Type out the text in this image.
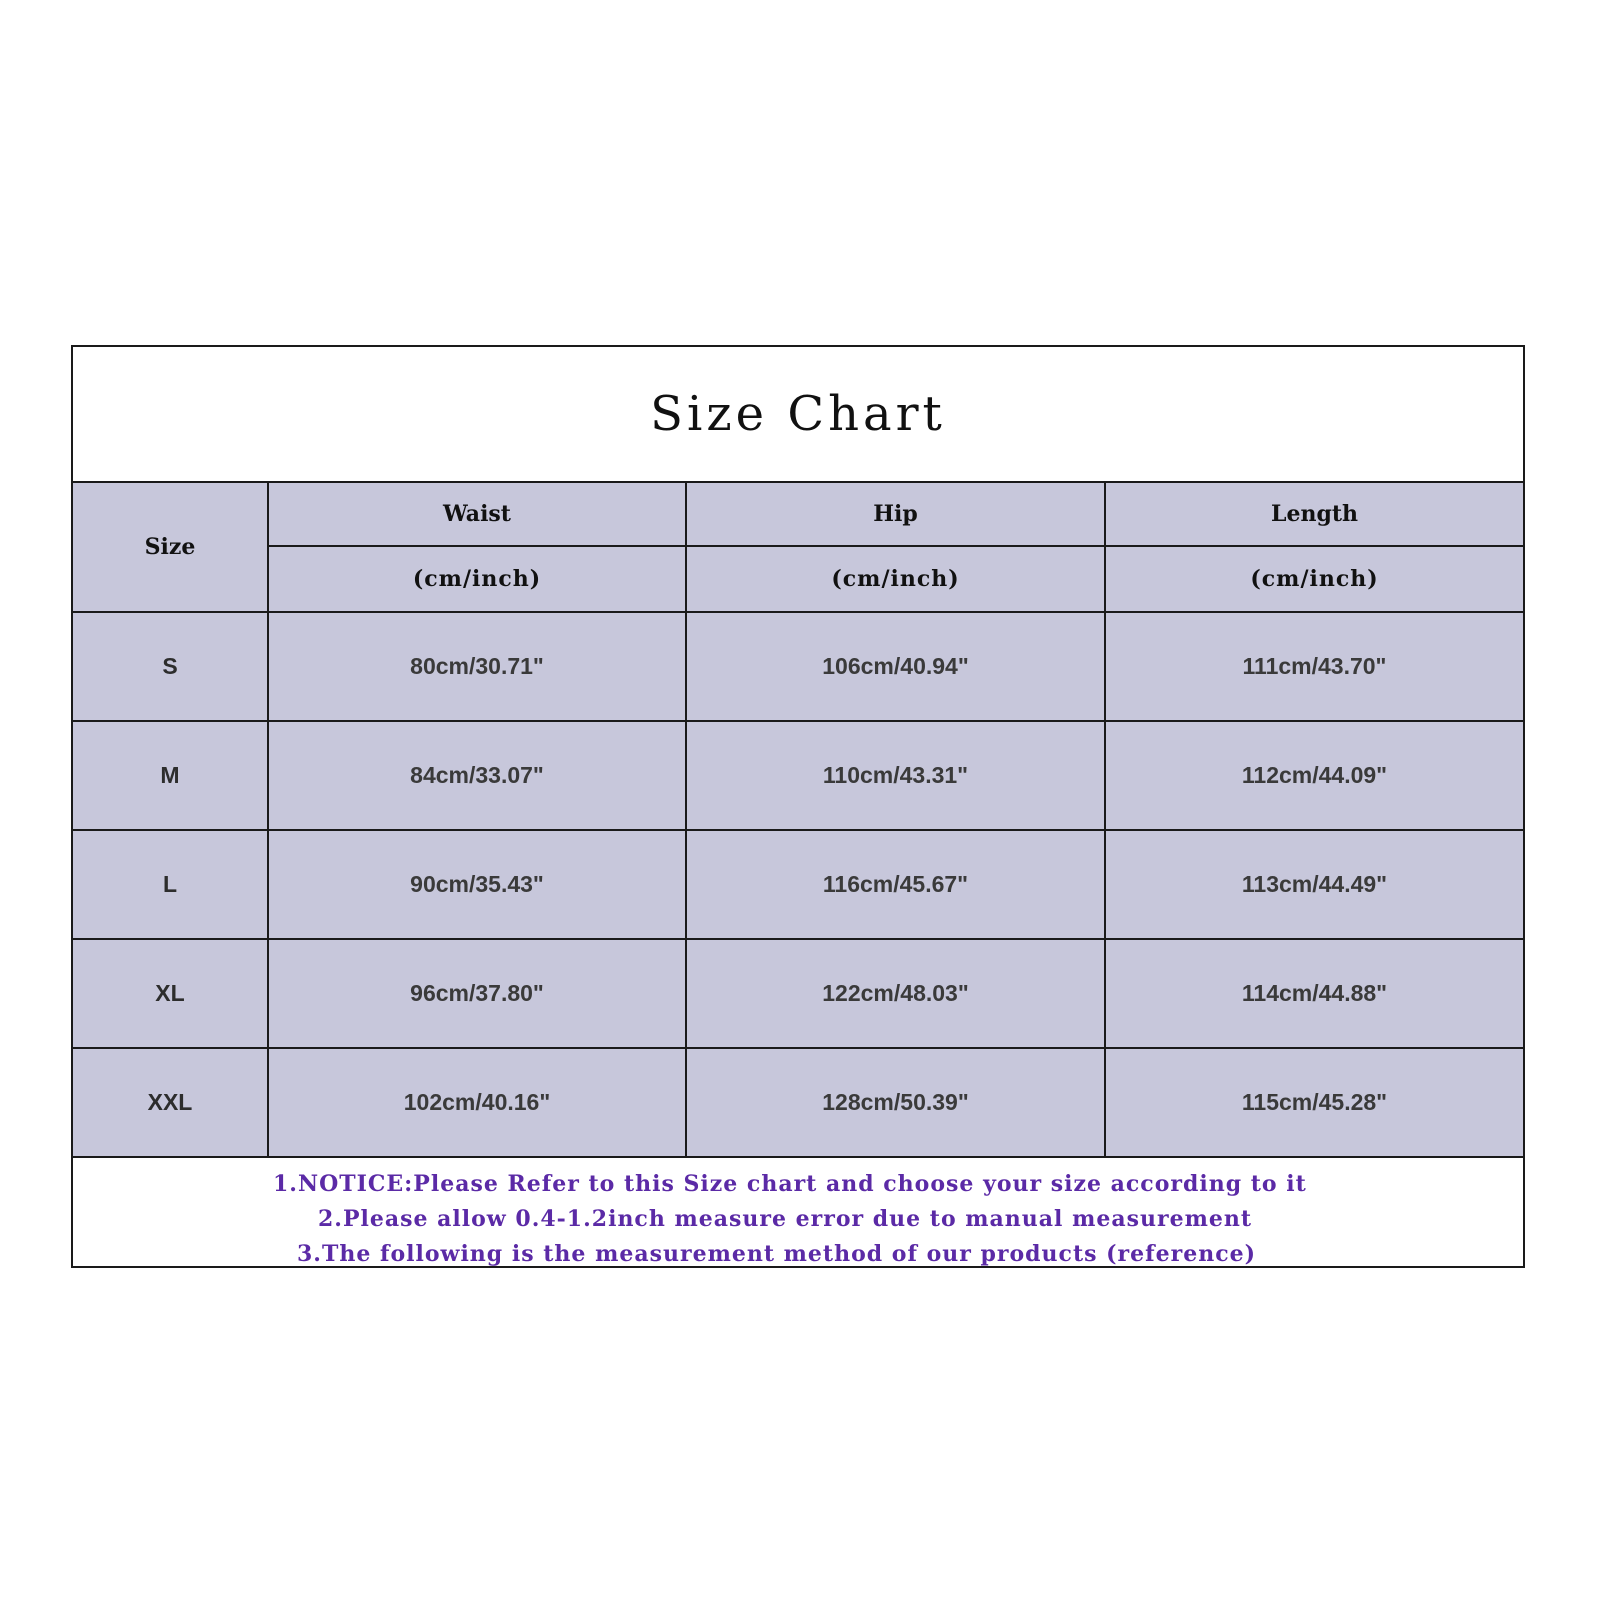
Size Chart
Size	Waist	Hip	Length
	(cm/inch)	(cm/inch)	(cm/inch)
S	80cm/30.71"	106cm/40.94"	111cm/43.70"
M	84cm/33.07"	110cm/43.31"	112cm/44.09"
L	90cm/35.43"	116cm/45.67"	113cm/44.49"
XL	96cm/37.80"	122cm/48.03"	114cm/44.88"
XXL	102cm/40.16"	128cm/50.39"	115cm/45.28"
1.NOTICE:Please Refer to this Size chart and choose your size according to it
2.Please allow 0.4-1.2inch measure error due to manual measurement
3.The following is the measurement method of our products (reference)
